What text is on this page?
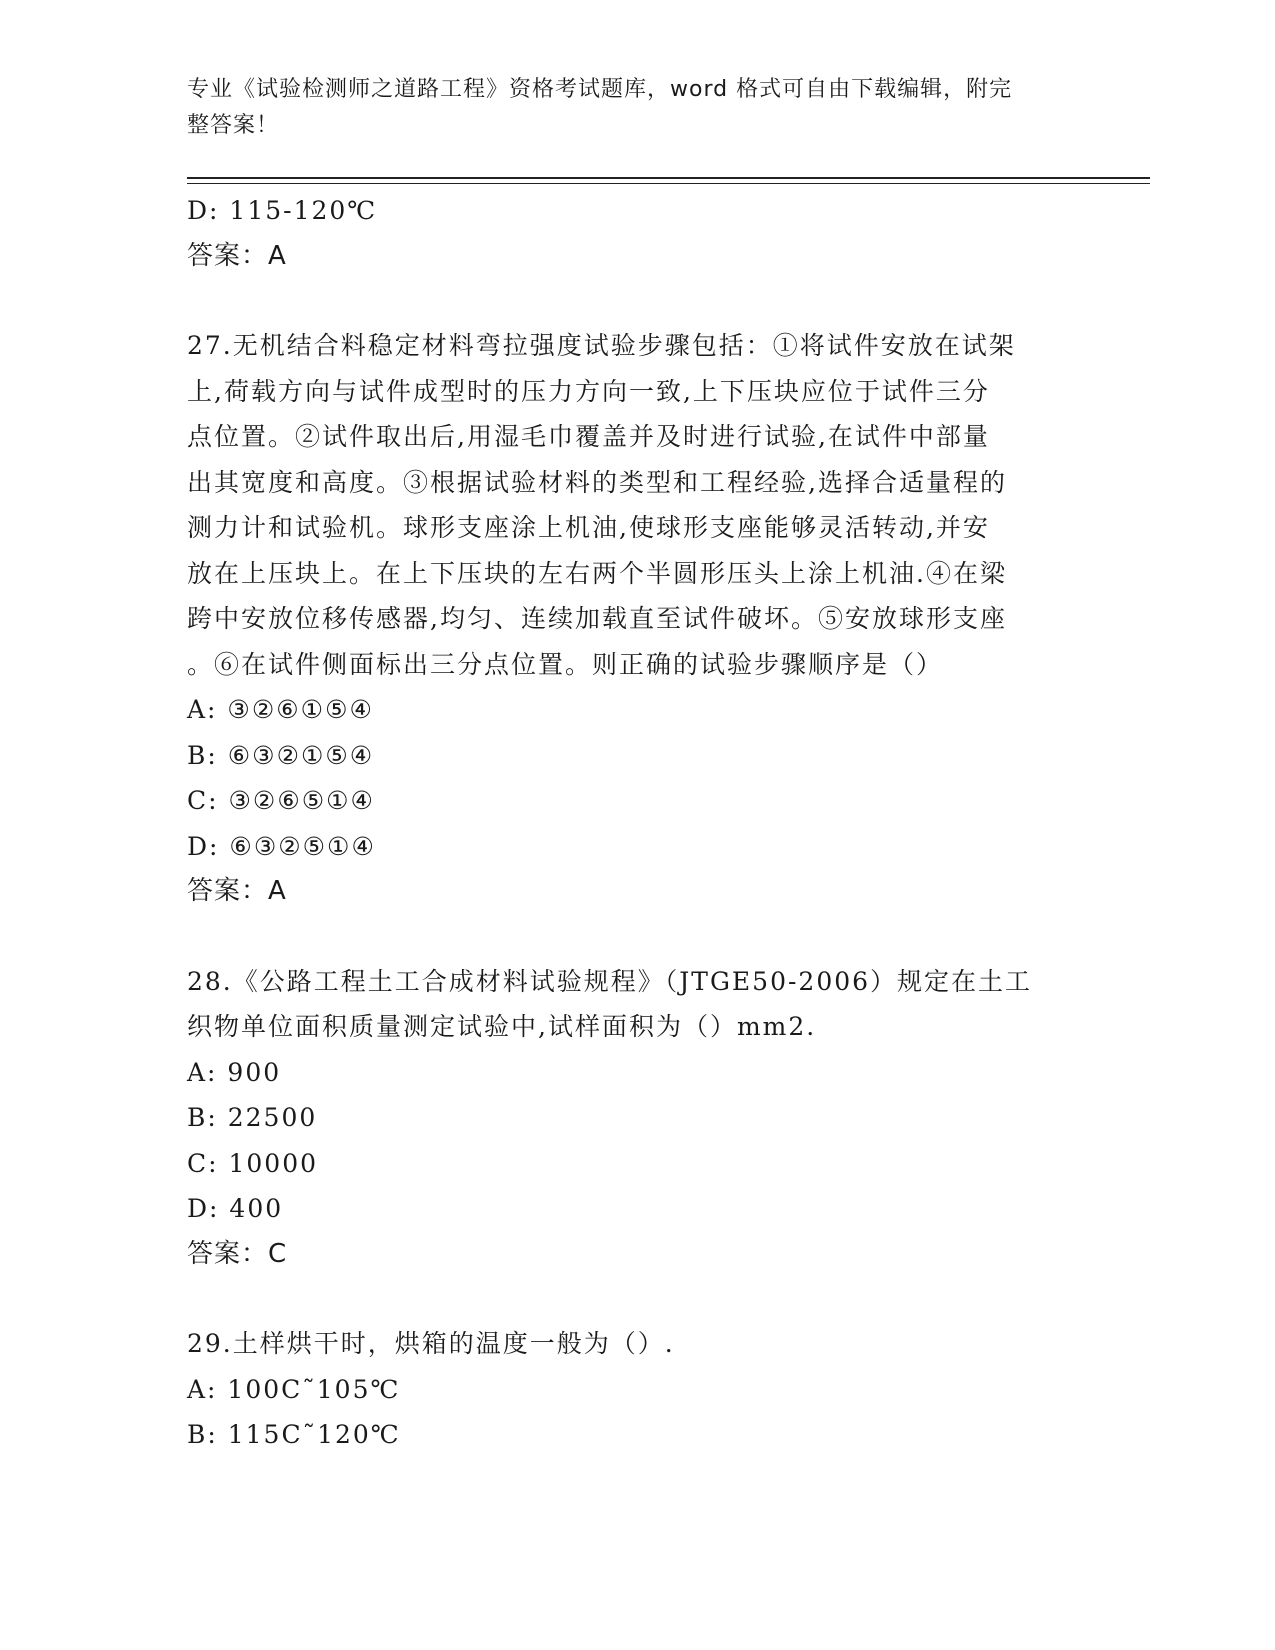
专业《试验检测师之道路工程》资格考试题库，word 格式可自由下载编辑，附完
整答案！
D: 115-120℃
答案：A
27.无机结合料稳定材料弯拉强度试验步骤包括：①将试件安放在试架
上,荷载方向与试件成型时的压力方向一致,上下压块应位于试件三分
点位置。②试件取出后,用湿毛巾覆盖并及时进行试验,在试件中部量
出其宽度和高度。③根据试验材料的类型和工程经验,选择合适量程的
测力计和试验机。球形支座涂上机油,使球形支座能够灵活转动,并安
放在上压块上。在上下压块的左右两个半圆形压头上涂上机油.④在梁
跨中安放位移传感器,均匀、连续加载直至试件破坏。⑤安放球形支座
。⑥在试件侧面标出三分点位置。则正确的试验步骤顺序是（）
A: ③②⑥①⑤④
B: ⑥③②①⑤④
C: ③②⑥⑤①④
D: ⑥③②⑤①④
答案：A
28.《公路工程土工合成材料试验规程》（JTGE50-2006）规定在土工
织物单位面积质量测定试验中,试样面积为（）mm2.
A: 900
B: 22500
C: 10000
D: 400
答案：C
29.土样烘干时，烘箱的温度一般为（）.
A: 100C˜105℃
B: 115C˜120℃
